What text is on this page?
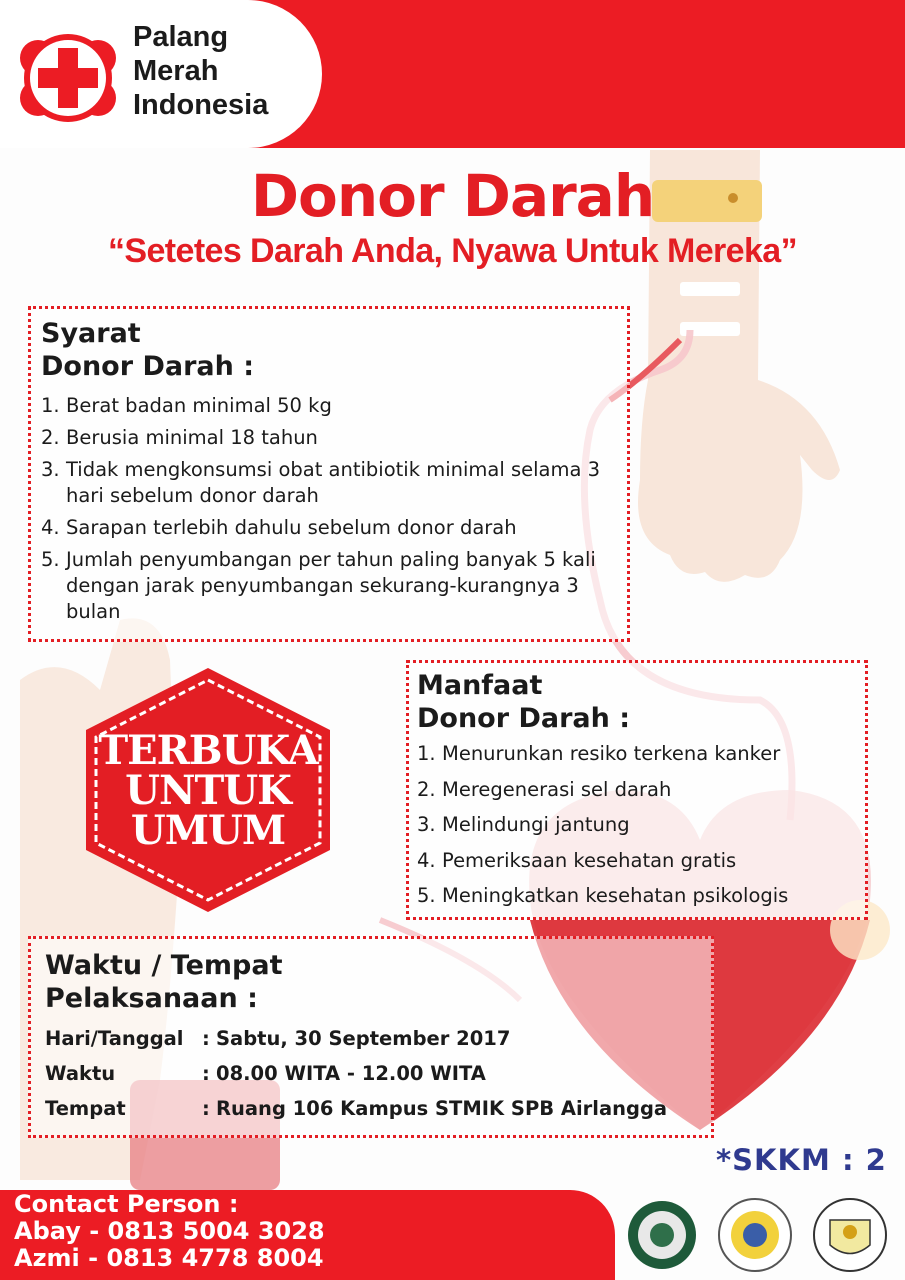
Palang
Merah
Indonesia
Donor Darah
“Setetes Darah Anda, Nyawa Untuk Mereka”
Syarat
Donor Darah :
1. Berat badan minimal 50 kg
2. Berusia minimal 18 tahun
3. Tidak mengkonsumsi obat antibiotik minimal selama 3 hari sebelum donor darah
4. Sarapan terlebih dahulu sebelum donor darah
5. Jumlah penyumbangan per tahun paling banyak 5 kali dengan jarak penyumbangan sekurang-kurangnya 3 bulan
TERBUKA
UNTUK
UMUM
Manfaat
Donor Darah :
1. Menurunkan resiko terkena kanker
2. Meregenerasi sel darah
3. Melindungi jantung
4. Pemeriksaan kesehatan gratis
5. Meningkatkan kesehatan psikologis
Waktu / Tempat
Pelaksanaan :
Hari/Tanggal : Sabtu, 30 September 2017
Waktu	: 08.00 WITA - 12.00 WITA
Tempat	: Ruang 106 Kampus STMIK SPB Airlangga
*SKKM : 2
Contact Person :
Abay - 0813 5004 3028
Azmi - 0813 4778 8004
